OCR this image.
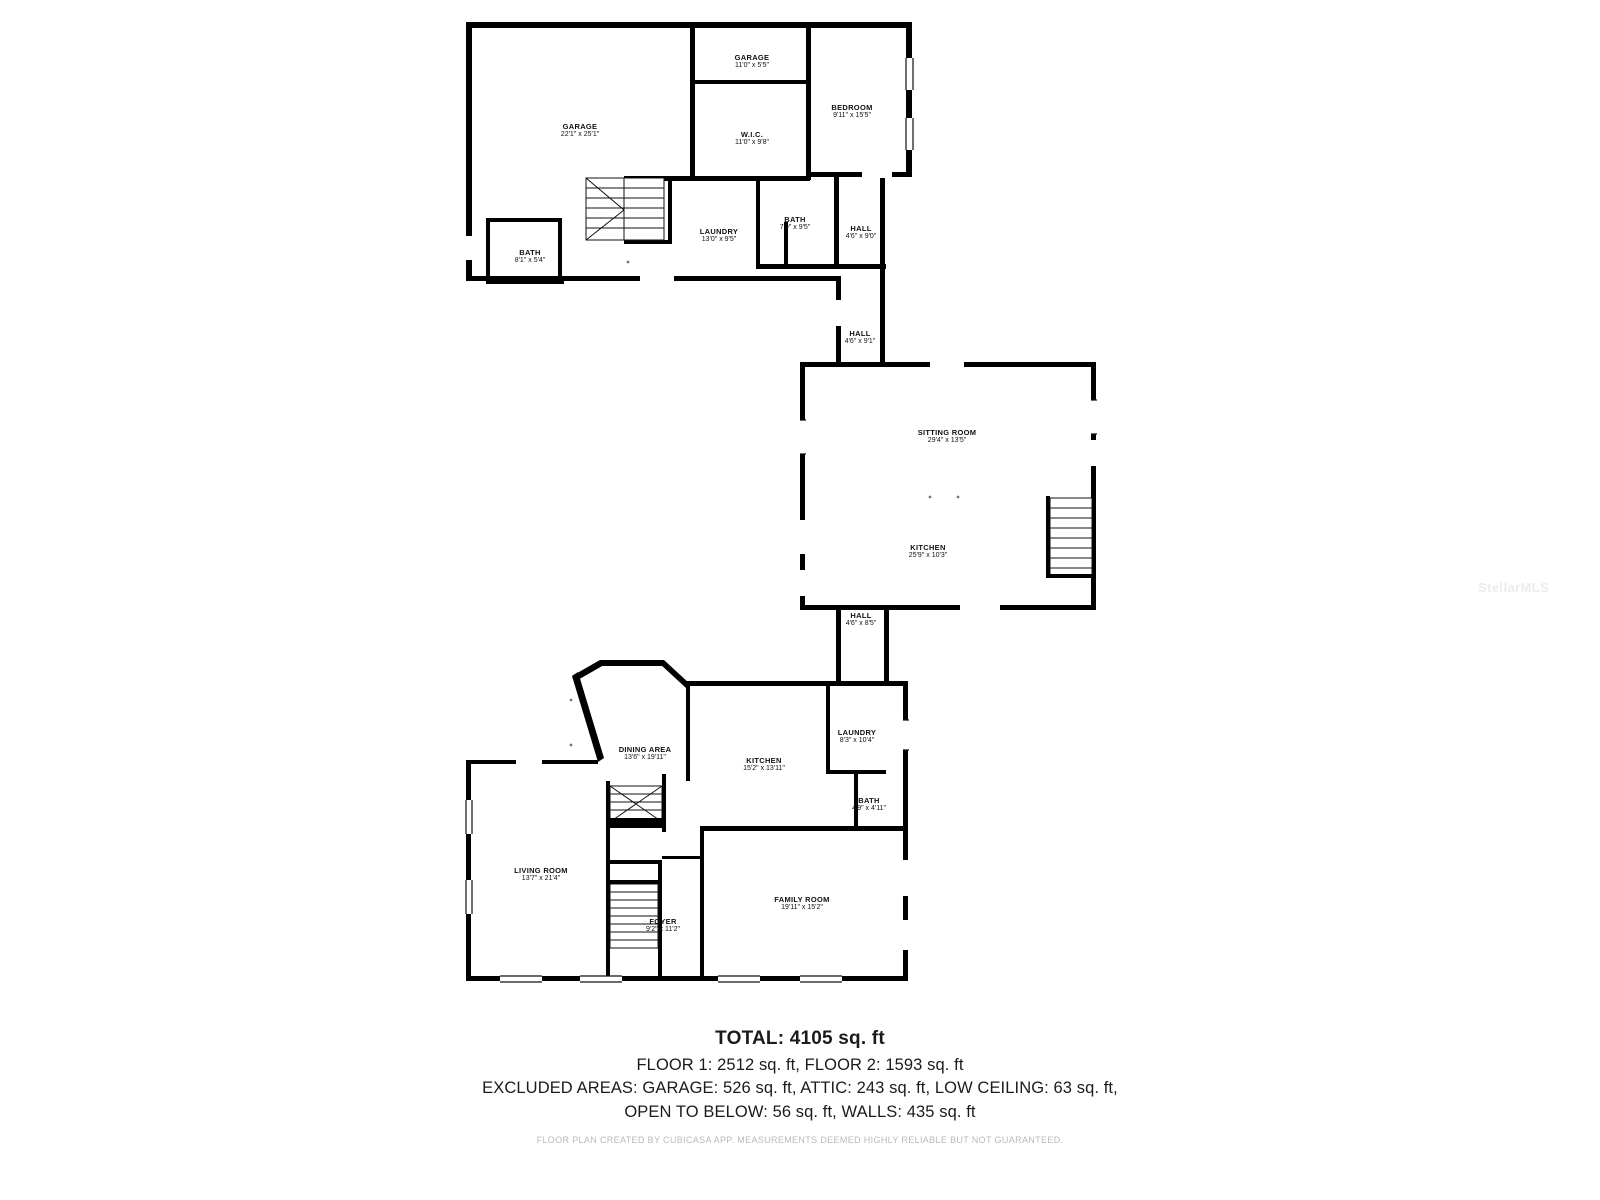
GARAGE
22'1" x 25'1"
GARAGE
11'0" x 5'5"
W.I.C.
11'0" x 9'8"
BEDROOM
9'11" x 15'5"
LAUNDRY
13'0" x 9'5"
BATH
7'9" x 9'5"	HALL
4'6" x 9'0"
BATH
8'1" x 5'4"
HALL
4'6" x 9'1"
SITTING ROOM
29'4" x 13'5"
KITCHEN
25'9" x 10'3"
HALL
4'6" x 8'5"
DINING AREA
13'6" x 19'11"	KITCHEN
15'2" x 13'11"
LAUNDRY
8'3" x 10'4"
BATH
4'9" x 4'11"
LIVING ROOM
13'7" x 21'4"
FOYER
9'2" x 11'2"
FAMILY ROOM
19'11" x 15'2"
StellarMLS
TOTAL: 4105 sq. ft
FLOOR 1: 2512 sq. ft, FLOOR 2: 1593 sq. ft
EXCLUDED AREAS: GARAGE: 526 sq. ft, ATTIC: 243 sq. ft, LOW CEILING: 63 sq. ft,
OPEN TO BELOW: 56 sq. ft, WALLS: 435 sq. ft
FLOOR PLAN CREATED BY CUBICASA APP. MEASUREMENTS DEEMED HIGHLY RELIABLE BUT NOT GUARANTEED.
